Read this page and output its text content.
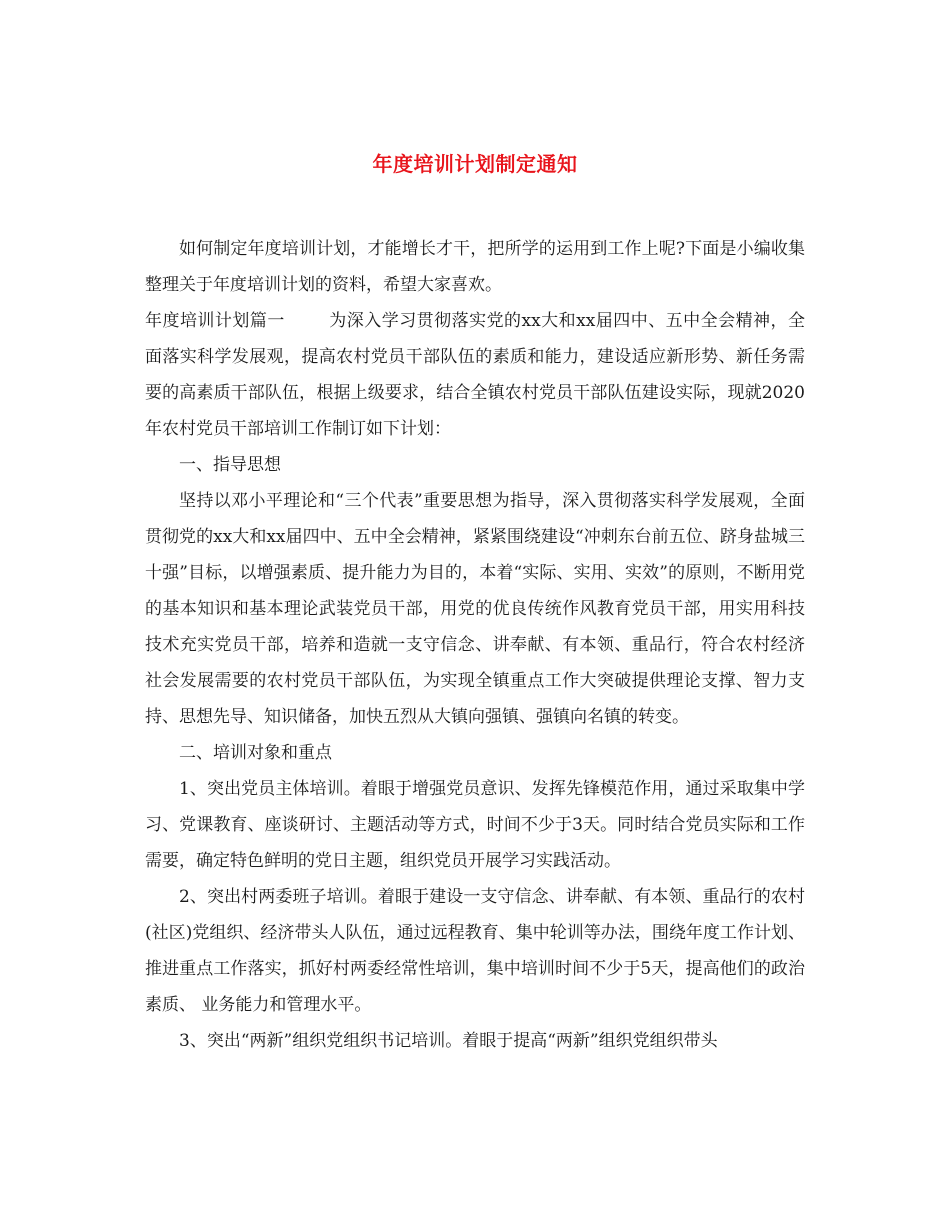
年度培训计划制定通知

如何制定年度培训计划，才能增长才干，把所学的运用到工作上呢?下面是小编收集整理关于年度培训计划的资料，希望大家喜欢。

年度培训计划篇一	为深入学习贯彻落实党的xx大和xx届四中、五中全会精神，全面落实科学发展观，提高农村党员干部队伍的素质和能力，建设适应新形势、新任务需要的高素质干部队伍，根据上级要求，结合全镇农村党员干部队伍建设实际，现就2020年农村党员干部培训工作制订如下计划：

一、指导思想

坚持以邓小平理论和“三个代表”重要思想为指导，深入贯彻落实科学发展观，全面贯彻党的xx大和xx届四中、五中全会精神，紧紧围绕建设“冲刺东台前五位、跻身盐城三十强”目标，以增强素质、提升能力为目的，本着“实际、实用、实效”的原则，不断用党的基本知识和基本理论武装党员干部，用党的优良传统作风教育党员干部，用实用科技技术充实党员干部，培养和造就一支守信念、讲奉献、有本领、重品行，符合农村经济社会发展需要的农村党员干部队伍，为实现全镇重点工作大突破提供理论支撑、智力支持、思想先导、知识储备，加快五烈从大镇向强镇、强镇向名镇的转变。

二、培训对象和重点

1、突出党员主体培训。着眼于增强党员意识、发挥先锋模范作用，通过采取集中学习、党课教育、座谈研讨、主题活动等方式，时间不少于3天。同时结合党员实际和工作需要，确定特色鲜明的党日主题，组织党员开展学习实践活动。

2、突出村两委班子培训。着眼于建设一支守信念、讲奉献、有本领、重品行的农村(社区)党组织、经济带头人队伍，通过远程教育、集中轮训等办法，围绕年度工作计划、推进重点工作落实，抓好村两委经常性培训，集中培训时间不少于5天，提高他们的政治素质、 业务能力和管理水平。

3、突出“两新”组织党组织书记培训。着眼于提高“两新”组织党组织带头
